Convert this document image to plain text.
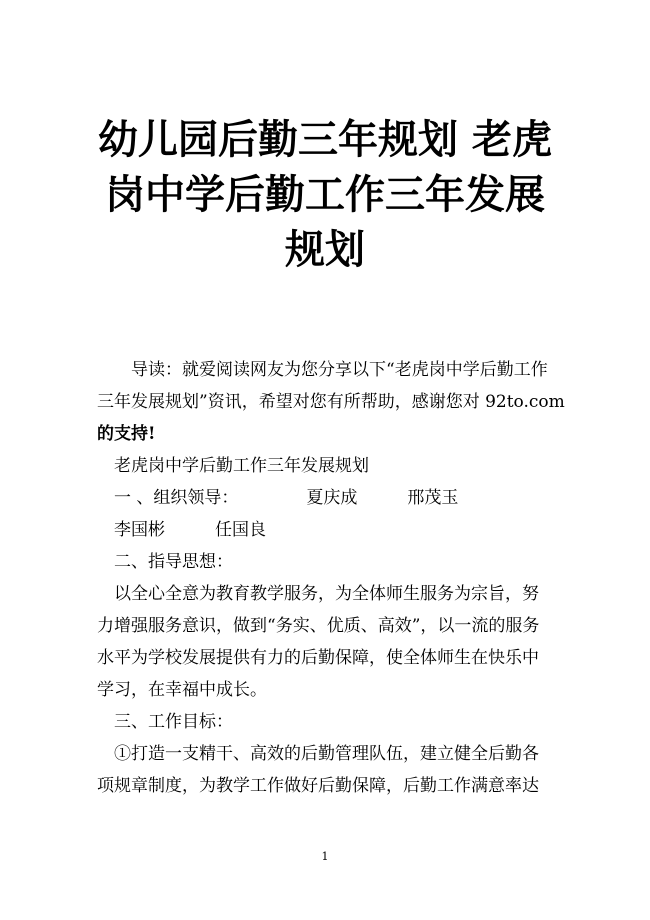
幼儿园后勤三年规划 老虎
岗中学后勤工作三年发展
规划
导读：就爱阅读网友为您分享以下“老虎岗中学后勤工作
三年发展规划”资讯，希望对您有所帮助，感谢您对 92to.com
的支持!
老虎岗中学后勤工作三年发展规划
一 、组织领导：	夏庆成	邢茂玉
李国彬	任国良
二、指导思想：
以全心全意为教育教学服务，为全体师生服务为宗旨，努
力增强服务意识，做到“务实、优质、高效”，以一流的服务
水平为学校发展提供有力的后勤保障，使全体师生在快乐中
学习，在幸福中成长。
三、工作目标：
①打造一支精干、高效的后勤管理队伍，建立健全后勤各
项规章制度，为教学工作做好后勤保障，后勤工作满意率达
1
